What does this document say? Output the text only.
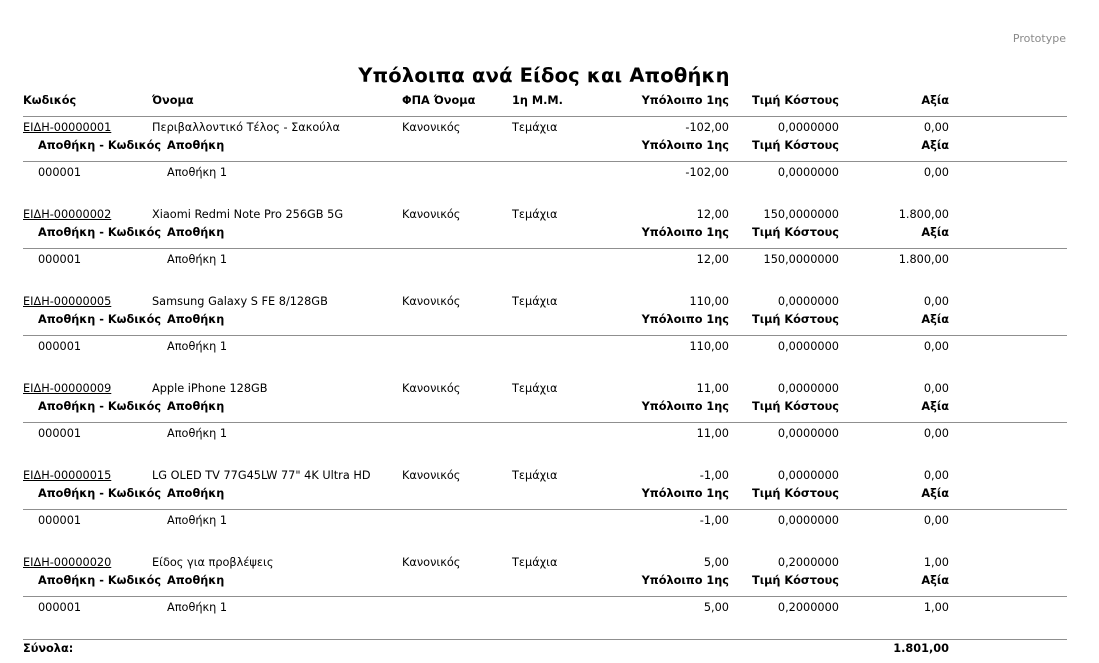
Prototype
Υπόλοιπα ανά Είδος και Αποθήκη
Κωδικός	Όνομα	ΦΠΑ Όνομα	1η Μ.Μ.	Υπόλοιπο 1ης	Τιμή Κόστους	Αξία
ΕΙΔΗ-00000001	Περιβαλλοντικό Τέλος - Σακούλα	Κανονικός	Τεμάχια	-102,00	0,0000000	0,00
Αποθήκη - Κωδικός Αποθήκη	Υπόλοιπο 1ης	Τιμή Κόστους	Αξία
000001	Αποθήκη 1	-102,00	0,0000000	0,00
ΕΙΔΗ-00000002	Xiaomi Redmi Note Pro 256GB 5G	Κανονικός	Τεμάχια	12,00	150,0000000	1.800,00
Αποθήκη - Κωδικός Αποθήκη	Υπόλοιπο 1ης	Τιμή Κόστους	Αξία
000001	Αποθήκη 1	12,00	150,0000000	1.800,00
ΕΙΔΗ-00000005	Samsung Galaxy S FE 8/128GB	Κανονικός	Τεμάχια	110,00	0,0000000	0,00
Αποθήκη - Κωδικός Αποθήκη	Υπόλοιπο 1ης	Τιμή Κόστους	Αξία
000001	Αποθήκη 1	110,00	0,0000000	0,00
ΕΙΔΗ-00000009	Apple iPhone 128GB	Κανονικός	Τεμάχια	11,00	0,0000000	0,00
Αποθήκη - Κωδικός Αποθήκη	Υπόλοιπο 1ης	Τιμή Κόστους	Αξία
000001	Αποθήκη 1	11,00	0,0000000	0,00
ΕΙΔΗ-00000015	LG OLED TV 77G45LW 77" 4K Ultra HD	Κανονικός	Τεμάχια	-1,00	0,0000000	0,00
Αποθήκη - Κωδικός Αποθήκη	Υπόλοιπο 1ης	Τιμή Κόστους	Αξία
000001	Αποθήκη 1	-1,00	0,0000000	0,00
ΕΙΔΗ-00000020	Είδος για προβλέψεις	Κανονικός	Τεμάχια	5,00	0,2000000	1,00
Αποθήκη - Κωδικός Αποθήκη	Υπόλοιπο 1ης	Τιμή Κόστους	Αξία
000001	Αποθήκη 1	5,00	0,2000000	1,00
Σύνολα:	1.801,00
